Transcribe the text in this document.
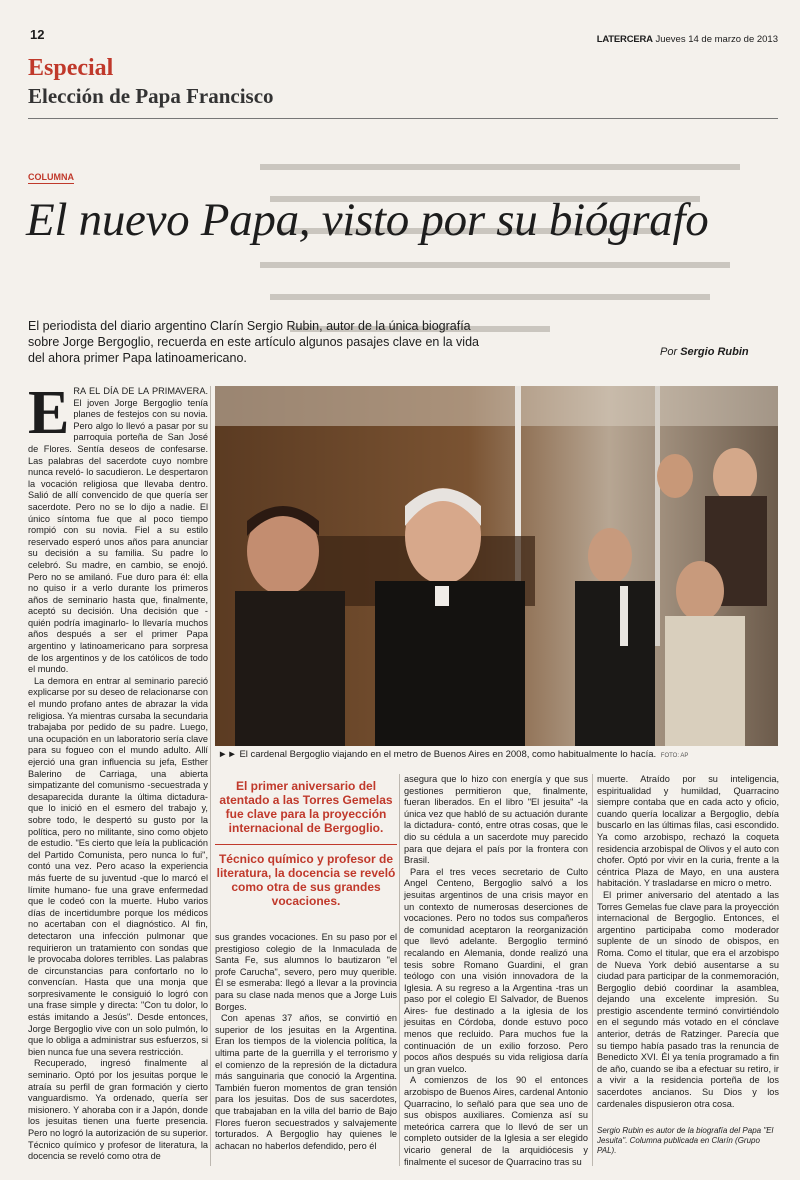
12	LATERCERA Jueves 14 de marzo de 2013
Especial
Elección de Papa Francisco
COLUMNA
El nuevo Papa, visto por su biógrafo
El periodista del diario argentino Clarín Sergio Rubin, autor de la única biografía sobre Jorge Bergoglio, recuerda en este artículo algunos pasajes clave en la vida del ahora primer Papa latinoamericano.	Por Sergio Rubin
E RA EL DÍA DE LA PRIMAVERA. El joven Jorge Bergoglio tenía planes de festejos con su novia. Pero algo lo llevó a pasar por su parroquia porteña de San José de Flores. Sentía deseos de confesarse. Las palabras del sacerdote cuyo nombre nunca reveló- lo sacudieron. Le despertaron la vocación religiosa que llevaba dentro. Salió de allí convencido de que quería ser sacerdote. Pero no se lo dijo a nadie. El único síntoma fue que al poco tiempo rompió con su novia. Fiel a su estilo reservado esperó unos años para anunciar su decisión a su familia. Su padre lo celebró. Su madre, en cambio, se enojó. Pero no se amilanó. Fue duro para él: ella no quiso ir a verlo durante los primeros años de seminario hasta que, finalmente, aceptó su decisión. Una decisión que -quién podría imaginarlo- lo llevaría muchos años después a ser el primer Papa argentino y latinoamericano para sorpresa de los argentinos y de los católicos de todo el mundo.

La demora en entrar al seminario pareció explicarse por su deseo de relacionarse con el mundo profano antes de abrazar la vida religiosa. Ya mientras cursaba la secundaria trabajaba por pedido de su padre. Luego, una ocupación en un laboratorio sería clave para su fogueo con el mundo adulto. Allí ejerció una gran influencia su jefa, Esther Balerino de Carriaga, una abierta simpatizante del comunismo -secuestrada y desaparecida durante la última dictadura- que lo inició en el esmero del trabajo y, sobre todo, le despertó su gusto por la política, pero no militante, sino como objeto de estudio. "Es cierto que leía la publicación del Partido Comunista, pero nunca lo fui", contó una vez. Pero acaso la experiencia más fuerte de su juventud -que lo marcó el límite humano- fue una grave enfermedad que le codeó con la muerte. Hubo varios días de incertidumbre porque los médicos no acertaban con el diagnóstico. Al fin, detectaron una infección pulmonar que requirieron un tratamiento con sondas que le provocaba dolores terribles. Las palabras de circunstancias para confortarlo no lo convencían. Hasta que una monja que sorpresivamente le consiguió lo logró con una frase simple y directa: "Con tu dolor, lo estás imitando a Jesús". Desde entonces, Jorge Bergoglio vive con un solo pulmón, lo que lo obliga a administrar sus esfuerzos, si bien nunca fue una severa restricción.

Recuperado, ingresó finalmente al seminario. Optó por los jesuitas porque le atraía su perfil de gran formación y cierto vanguardismo. Ya ordenado, quería ser misionero. Y ahoraba con ir a Japón, donde los jesuitas tienen una fuerte presencia. Pero no logró la autorización de su superior. Técnico químico y profesor de literatura, la docencia se reveló como otra de

►► El cardenal Bergoglio viajando en el metro de Buenos Aires en 2008, como habitualmente lo hacía. FOTO: AP
El primer aniversario del atentado a las Torres Gemelas fue clave para la proyección internacional de Bergoglio.
Técnico químico y profesor de literatura, la docencia se reveló como otra de sus grandes vocaciones.

sus grandes vocaciones. En su paso por el prestigioso colegio de la Inmaculada de Santa Fe, sus alumnos lo bautizaron "el profe Carucha", severo, pero muy querible. Él se esmeraba: llegó a llevar a la provincia para su clase nada menos que a Jorge Luis Borges.

Con apenas 37 años, se convirtió en superior de los jesuitas en la Argentina. Eran los tiempos de la violencia política, la ultima parte de la guerrilla y el terrorismo y el comienzo de la represión de la dictadura más sanguinaria que conoció la Argentina. También fueron momentos de gran tensión para los jesuitas. Dos de sus sacerdotes, que trabajaban en la villa del barrio de Bajo Flores fueron secuestrados y salvajemente torturados. A Bergoglio hay quienes le achacan no haberlos defendido, pero él

asegura que lo hizo con energía y que sus gestiones permitieron que, finalmente, fueran liberados. En el libro "El jesuita" -la única vez que habló de su actuación durante la dictadura- contó, entre otras cosas, que le dio su cédula a un sacerdote muy parecido para que dejara el país por la frontera con Brasil.

Para el tres veces secretario de Culto Angel Centeno, Bergoglio salvó a los jesuitas argentinos de una crisis mayor en un contexto de numerosas deserciones de vocaciones. Pero no todos sus compañeros de comunidad aceptaron la reorganización que llevó adelante. Bergoglio terminó recalando en Alemania, donde realizó una tesis sobre Romano Guardini, el gran teólogo con una visión innovadora de la Iglesia. A su regreso a la Argentina -tras un paso por el colegio El Salvador, de Buenos Aires- fue destinado a la iglesia de los jesuitas en Córdoba, donde estuvo poco menos que recluido. Para muchos fue la continuación de un exilio forzoso. Pero pocos años después su vida religiosa daría un gran vuelco.

A comienzos de los 90 el entonces arzobispo de Buenos Aires, cardenal Antonio Quarracino, lo señaló para que sea uno de sus obispos auxiliares. Comienza así su meteórica carrera que lo llevó de ser un completo outsider de la Iglesia a ser elegido vicario general de la arquidiócesis y finalmente el sucesor de Quarracino tras su

muerte. Atraído por su inteligencia, espiritualidad y humildad, Quarracino siempre contaba que en cada acto y oficio, cuando quería localizar a Bergoglio, debía buscarlo en las últimas filas, casi escondido. Ya como arzobispo, rechazó la coqueta residencia arzobispal de Olivos y el auto con chofer. Optó por vivir en la curia, frente a la céntrica Plaza de Mayo, en una austera habitación. Y trasladarse en micro o metro.

El primer aniversario del atentado a las Torres Gemelas fue clave para la proyección internacional de Bergoglio. Entonces, el argentino participaba como moderador suplente de un sínodo de obispos, en Roma. Como el titular, que era el arzobispo de Nueva York debió ausentarse a su ciudad para participar de la conmemoración, Bergoglio debió coordinar la asamblea, dejando una excelente impresión. Su prestigio ascendente terminó convirtiéndolo en el segundo más votado en el cónclave anterior, detrás de Ratzinger. Parecía que su tiempo había pasado tras la renuncia de Benedicto XVI. Él ya tenía programado a fin de año, cuando se iba a efectuar su retiro, ir a vivir a la residencia porteña de los sacerdotes ancianos. Su Dios y los cardenales dispusieron otra cosa.

Sergio Rubin es autor de la biografía del Papa "El Jesuita". Columna publicada en Clarín (Grupo PAL).
